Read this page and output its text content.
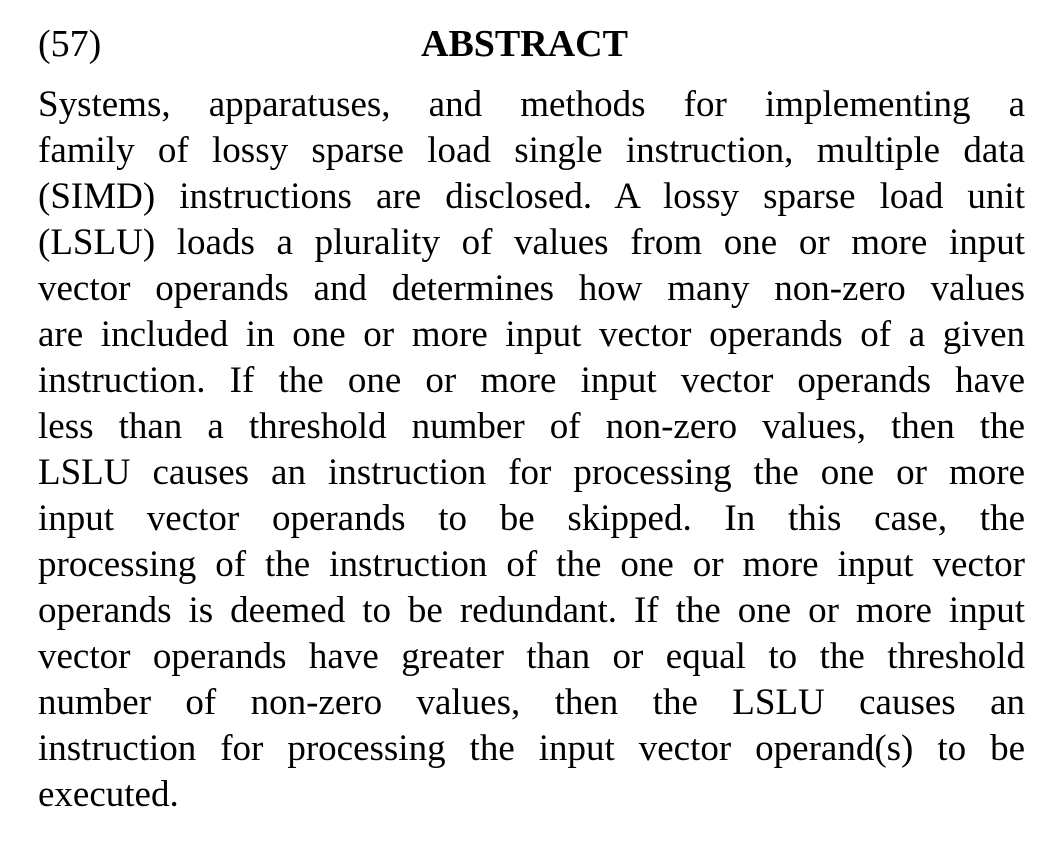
(57)	ABSTRACT
Systems, apparatuses, and methods for implementing a
family of lossy sparse load single instruction, multiple data
(SIMD) instructions are disclosed. A lossy sparse load unit
(LSLU) loads a plurality of values from one or more input
vector operands and determines how many non-zero values
are included in one or more input vector operands of a given
instruction. If the one or more input vector operands have
less than a threshold number of non-zero values, then the
LSLU causes an instruction for processing the one or more
input vector operands to be skipped. In this case, the
processing of the instruction of the one or more input vector
operands is deemed to be redundant. If the one or more input
vector operands have greater than or equal to the threshold
number of non-zero values, then the LSLU causes an
instruction for processing the input vector operand(s) to be
executed.
